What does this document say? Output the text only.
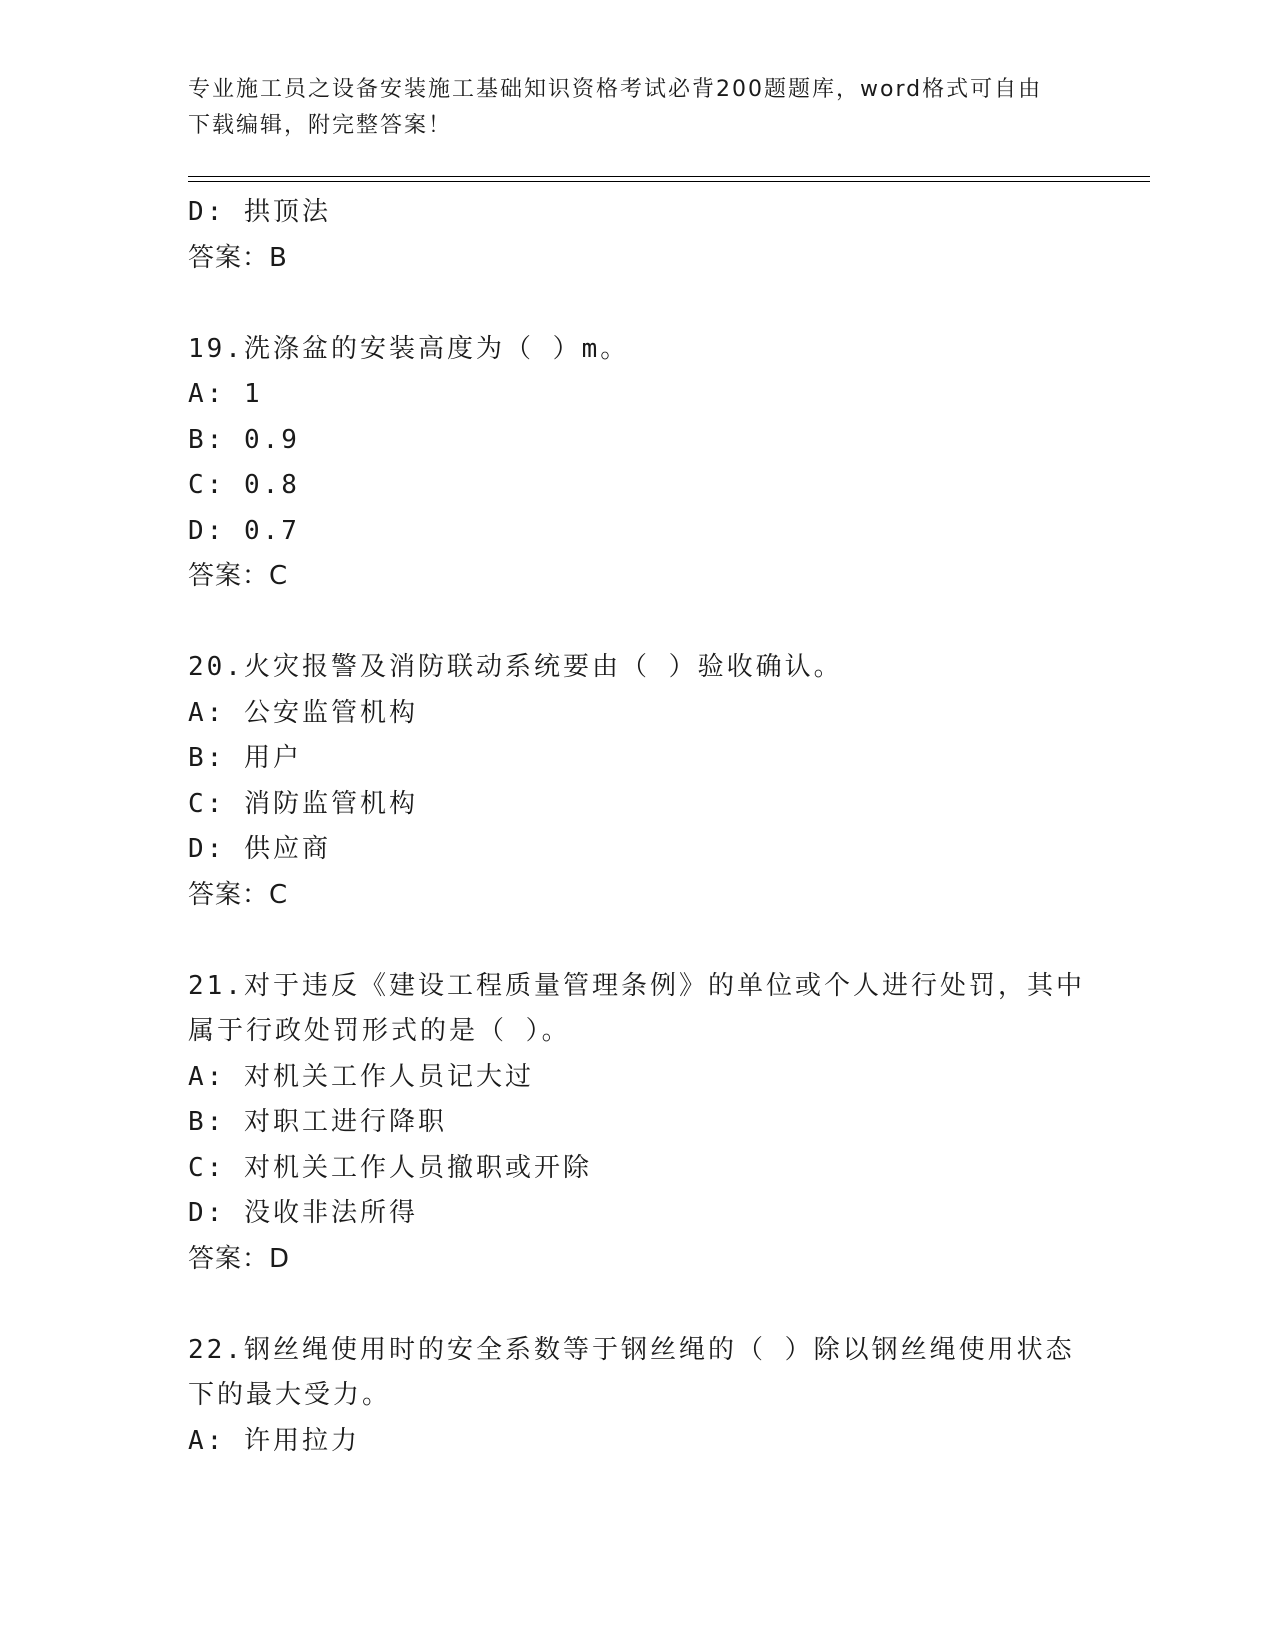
专业施工员之设备安装施工基础知识资格考试必背200题题库，word格式可自由
下载编辑，附完整答案！
D: 拱顶法
答案：B
19.洗涤盆的安装高度为（ ）m。
A: 1
B: 0.9
C: 0.8
D: 0.7
答案：C
20.火灾报警及消防联动系统要由（ ）验收确认。
A: 公安监管机构
B: 用户
C: 消防监管机构
D: 供应商
答案：C
21.对于违反《建设工程质量管理条例》的单位或个人进行处罚，其中
属于行政处罚形式的是（ ）。
A: 对机关工作人员记大过
B: 对职工进行降职
C: 对机关工作人员撤职或开除
D: 没收非法所得
答案：D
22.钢丝绳使用时的安全系数等于钢丝绳的（ ）除以钢丝绳使用状态
下的最大受力。
A: 许用拉力
